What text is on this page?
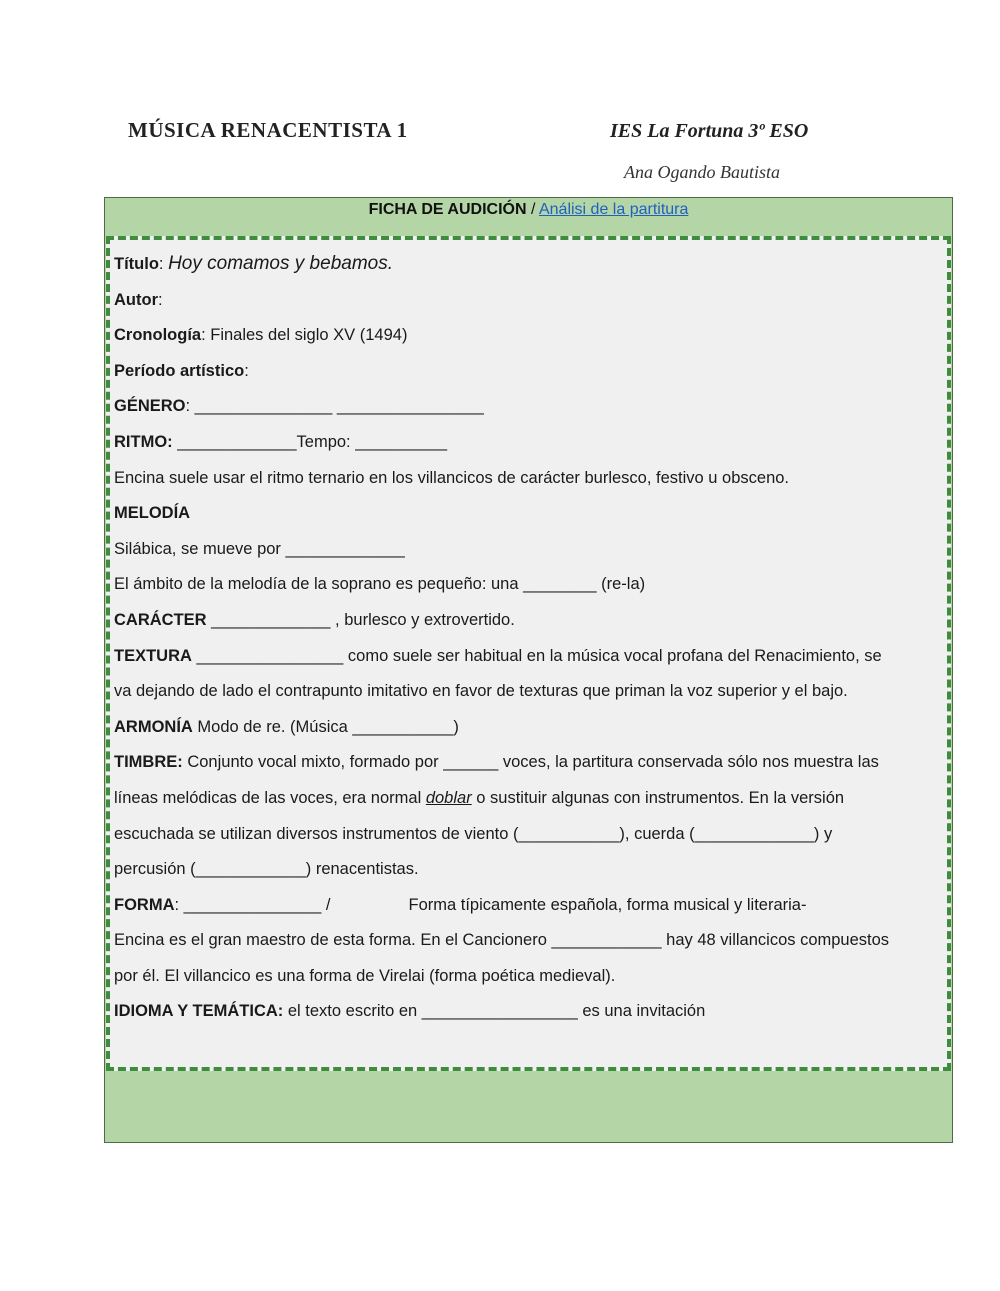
MÚSICA RENACENTISTA 1	IES La Fortuna 3º ESO
Ana Ogando Bautista
FICHA DE AUDICIÓN / Análisi de la partitura
Título: Hoy comamos y bebamos.
Autor:
Cronología: Finales del siglo XV (1494)
Período artístico:
GÉNERO: _______________ ________________
RITMO: _____________Tempo: __________
Encina suele usar el ritmo ternario en los villancicos de carácter burlesco, festivo u obsceno.
MELODÍA
Silábica, se mueve por _____________
El ámbito de la melodía de la soprano es pequeño: una ________ (re-la)
CARÁCTER _____________ , burlesco y extrovertido.
TEXTURA ________________ como suele ser habitual en la música vocal profana del Renacimiento, se
va dejando de lado el contrapunto imitativo en favor de texturas que priman la voz superior y el bajo.
ARMONÍA Modo de re. (Música ___________)
TIMBRE: Conjunto vocal mixto, formado por ______ voces, la partitura conservada sólo nos muestra las
líneas melódicas de las voces, era normal doblar o sustituir algunas con instrumentos. En la versión
escuchada se utilizan diversos instrumentos de viento (___________), cuerda (_____________) y
percusión (____________) renacentistas.
FORMA: _______________ /	Forma típicamente española, forma musical y literaria-
Encina es el gran maestro de esta forma. En el Cancionero ____________ hay 48 villancicos compuestos
por él. El villancico es una forma de Virelai (forma poética medieval).
IDIOMA Y TEMÁTICA: el texto escrito en _________________ es una invitación
